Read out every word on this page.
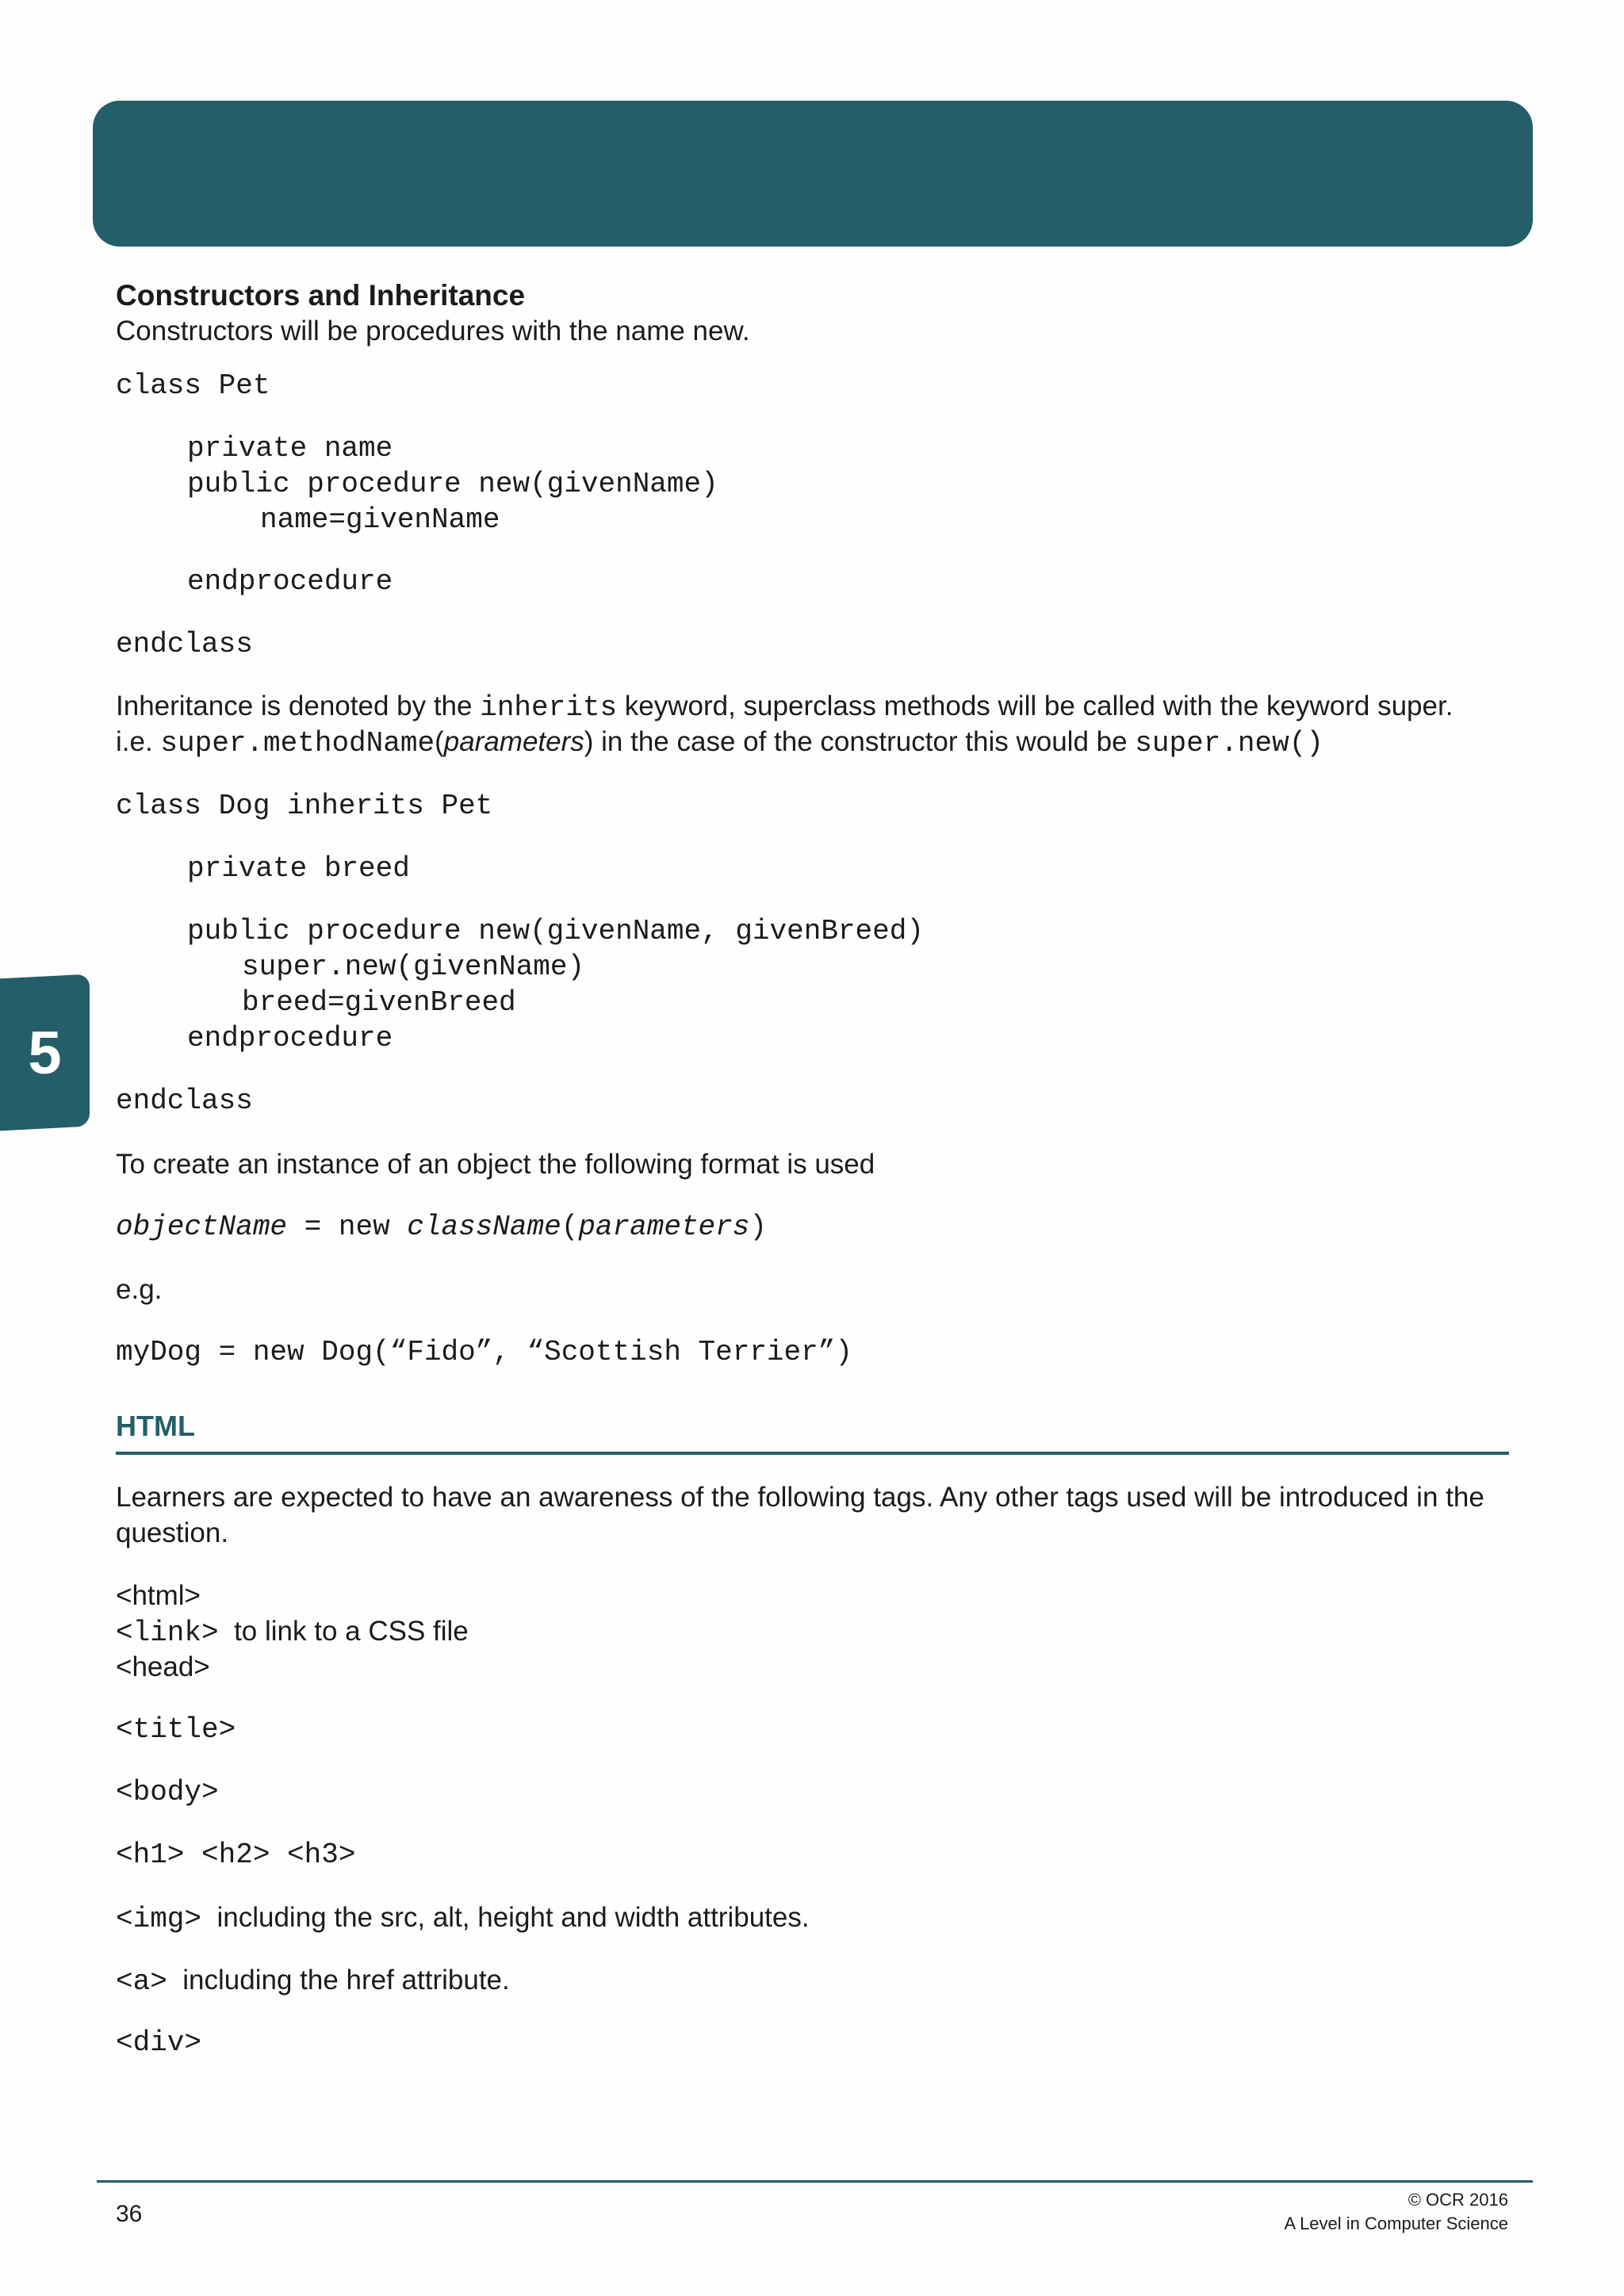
5
Constructors and Inheritance
Constructors will be procedures with the name new.
class Pet
private name
public procedure new(givenName)
name=givenName
endprocedure
endclass
Inheritance is denoted by the inherits keyword, superclass methods will be called with the keyword super.
i.e. super.methodName(parameters) in the case of the constructor this would be super.new()
class Dog inherits Pet
private breed
public procedure new(givenName, givenBreed)
super.new(givenName)
breed=givenBreed
endprocedure
endclass
To create an instance of an object the following format is used
objectName = new className(parameters)
e.g.
myDog = new Dog(“Fido”, “Scottish Terrier”)
HTML
Learners are expected to have an awareness of the following tags. Any other tags used will be introduced in the
question.
<html>
<link>  to link to a CSS file
<head>
<title>
<body>
<h1> <h2> <h3>
<img>  including the src, alt, height and width attributes.
<a>  including the href attribute.
<div>
36
© OCR 2016
A Level in Computer Science
